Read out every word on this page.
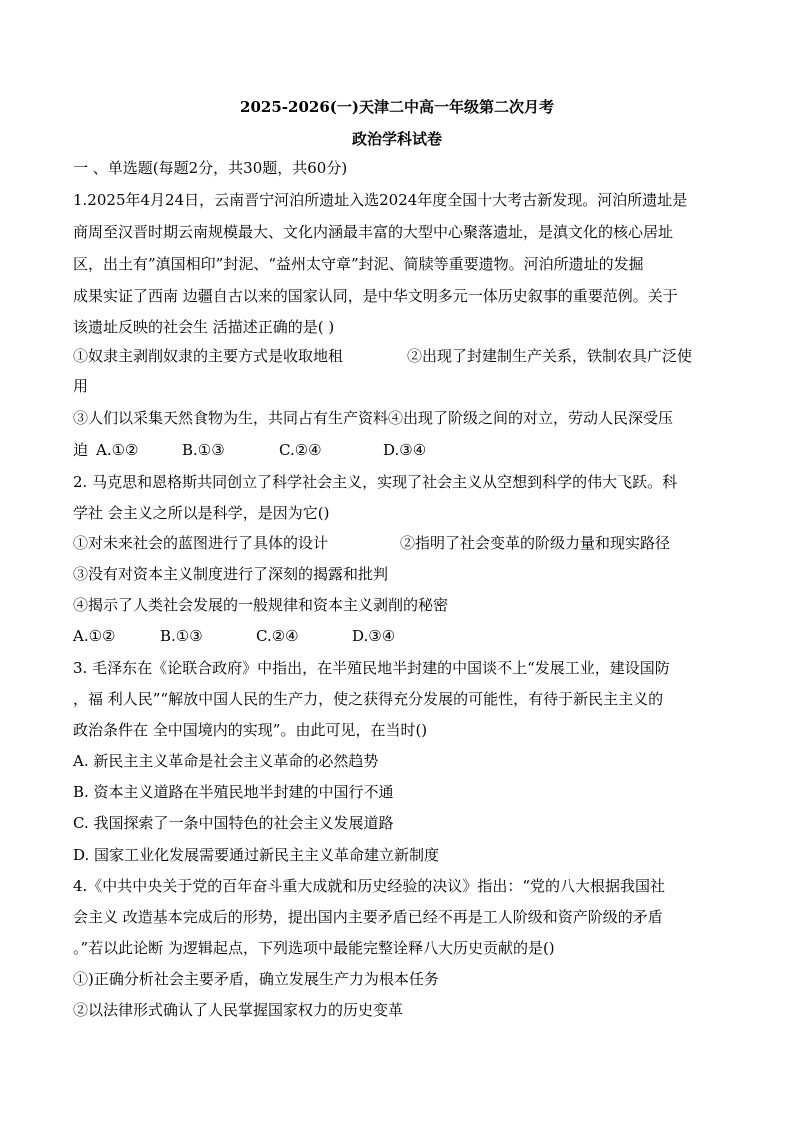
2025-2026(一)天津二中高一年级第二次月考
政治学科试卷
一 、单选题(每题2分，共30题，共60分)
1.2025年4月24日，云南晋宁河泊所遗址入选2024年度全国十大考古新发现。河泊所遗址是
商周至汉晋时期云南规模最大、文化内涵最丰富的大型中心聚落遗址，是滇文化的核心居址
区，出土有”滇国相印”封泥、“益州太守章”封泥、简牍等重要遗物。河泊所遗址的发掘
成果实证了西南 边疆自古以来的国家认同，是中华文明多元一体历史叙事的重要范例。关于
该遗址反映的社会生 活描述正确的是( )
①奴隶主剥削奴隶的主要方式是收取地租	②出现了封建制生产关系，铁制农具广泛使
用
③人们以采集天然食物为生，共同占有生产资料④出现了阶级之间的对立，劳动人民深受压
迫 A.①②	B.①③	C.②④	D.③④
2. 马克思和恩格斯共同创立了科学社会主义，实现了社会主义从空想到科学的伟大飞跃。科
学社 会主义之所以是科学，是因为它()
①对未来社会的蓝图进行了具体的设计	②指明了社会变革的阶级力量和现实路径
③没有对资本主义制度进行了深刻的揭露和批判
④揭示了人类社会发展的一般规律和资本主义剥削的秘密
A.①②	B.①③	C.②④	D.③④
3. 毛泽东在《论联合政府》中指出，在半殖民地半封建的中国谈不上“发展工业，建设国防
，福 利人民”“解放中国人民的生产力，使之获得充分发展的可能性，有待于新民主主义的
政治条件在 全中国境内的实现”。由此可见，在当时()
A. 新民主主义革命是社会主义革命的必然趋势
B. 资本主义道路在半殖民地半封建的中国行不通
C. 我国探索了一条中国特色的社会主义发展道路
D. 国家工业化发展需要通过新民主主义革命建立新制度
4.《中共中央关于党的百年奋斗重大成就和历史经验的决议》指出：“党的八大根据我国社
会主义 改造基本完成后的形势，提出国内主要矛盾已经不再是工人阶级和资产阶级的矛盾
。”若以此论断 为逻辑起点，下列选项中最能完整诠释八大历史贡献的是()
①)正确分析社会主要矛盾，确立发展生产力为根本任务
②以法律形式确认了人民掌握国家权力的历史变革
